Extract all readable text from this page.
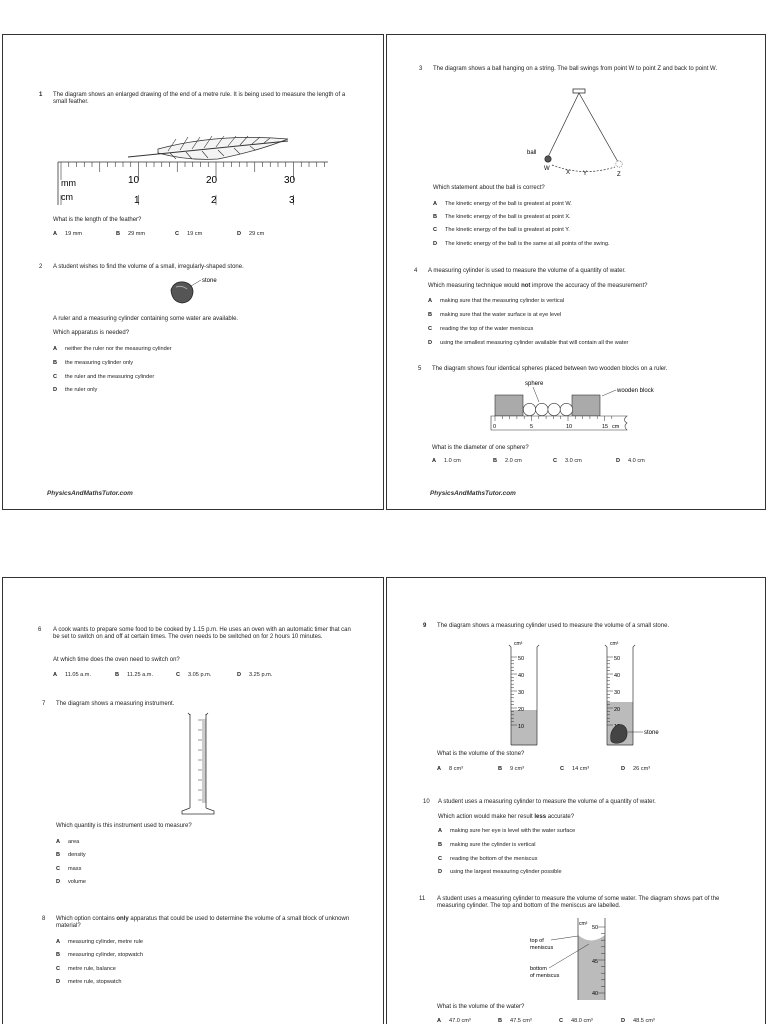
1 The diagram shows an enlarged drawing of the end of a metre rule. It is being used to measure the length of a small feather.
mm
cm
10	20	30
1	2	3
What is the length of the feather?
A 19 mm	B 29 mm	C 19 cm	D 29 cm
2 A student wishes to find the volume of a small, irregularly-shaped stone.
stone
A ruler and a measuring cylinder containing some water are available.
Which apparatus is needed?
A neither the ruler nor the measuring cylinder
B the measuring cylinder only
C the ruler and the measuring cylinder
D the ruler only
PhysicsAndMathsTutor.com
3 The diagram shows a ball hanging on a string. The ball swings from point W to point Z and back to point W.
ball
W
X Y	Z
Which statement about the ball is correct?
A The kinetic energy of the ball is greatest at point W.
B The kinetic energy of the ball is greatest at point X.
C The kinetic energy of the ball is greatest at point Y.
D The kinetic energy of the ball is the same at all points of the swing.
4 A measuring cylinder is used to measure the volume of a quantity of water.
Which measuring technique would not improve the accuracy of the measurement?
A making sure that the measuring cylinder is vertical
B making sure that the water surface is at eye level
C reading the top of the water meniscus
D using the smallest measuring cylinder available that will contain all the water
5 The diagram shows four identical spheres placed between two wooden blocks on a ruler.
sphere
wooden block
0	5	10	15 cm
What is the diameter of one sphere?
A 1.0 cm	B 2.0 cm	C 3.0 cm	D 4.0 cm
PhysicsAndMathsTutor.com
6 A cook wants to prepare some food to be cooked by 1.15 p.m. He uses an oven with an automatic timer that can be set to switch on and off at certain times. The oven needs to be switched on for 2 hours 10 minutes.
At which time does the oven need to switch on?
A 11.05 a.m.	B 11.25 a.m.	C 3.05 p.m.	D 3.25 p.m.
7 The diagram shows a measuring instrument.
Which quantity is this instrument used to measure?
A area
B density
C mass
D volume
8 Which option contains only apparatus that could be used to determine the volume of a small block of unknown material?
A measuring cylinder, metre rule
B measuring cylinder, stopwatch
C metre rule, balance
D metre rule, stopwatch
9 The diagram shows a measuring cylinder used to measure the volume of a small stone.
cm³
50
40
30
20
10
cm³
50
40
30
20
stone
What is the volume of the stone?
A 8 cm³	B 9 cm³	C 14 cm³	D 26 cm³
10 A student uses a measuring cylinder to measure the volume of a quantity of water.
Which action would make her result less accurate?
A making sure her eye is level with the water surface
B making sure the cylinder is vertical
C reading the bottom of the meniscus
D using the largest measuring cylinder possible
11 A student uses a measuring cylinder to measure the volume of some water. The diagram shows part of the measuring cylinder. The top and bottom of the meniscus are labelled.
cm³
50
45
40
top of
meniscus
bottom
of meniscus
What is the volume of the water?
A 47.0 cm³	B 47.5 cm³	C 48.0 cm³	D 48.5 cm³
